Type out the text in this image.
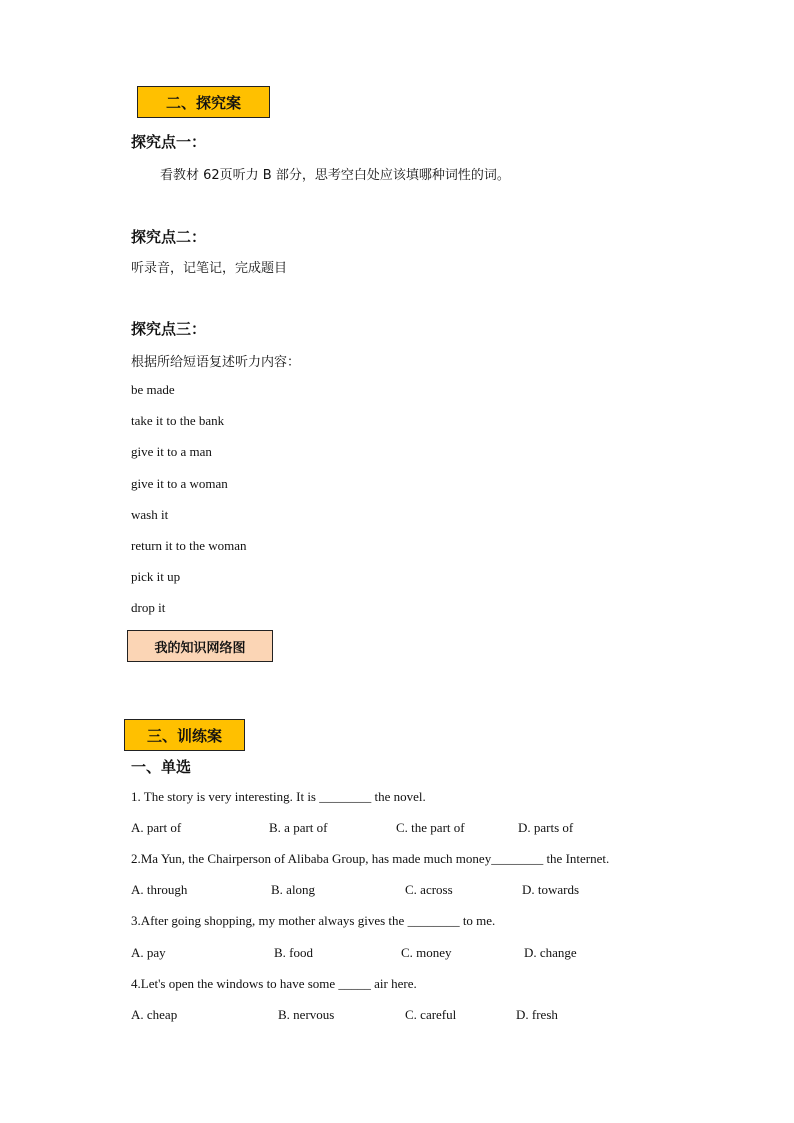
二、探究案
探究点一：
看教材 62页听力 B 部分，思考空白处应该填哪种词性的词。
探究点二：
听录音，记笔记，完成题目
探究点三：
根据所给短语复述听力内容：
be made
take it to the bank
give it to a man
give it to a woman
wash it
return it to the woman
pick it up
drop it
我的知识网络图
三、训练案
一、单选
1. The story is very interesting. It is ________ the novel.
A. part of	B. a part of	C. the part of	D. parts of
2.Ma Yun, the Chairperson of Alibaba Group, has made much money________ the Internet.
A. through	B. along	C. across	D. towards
3.After going shopping, my mother always gives the ________ to me.
A. pay	B. food	C. money	D. change
4.Let's open the windows to have some _____ air here.
A. cheap	B. nervous	C. careful	D. fresh
